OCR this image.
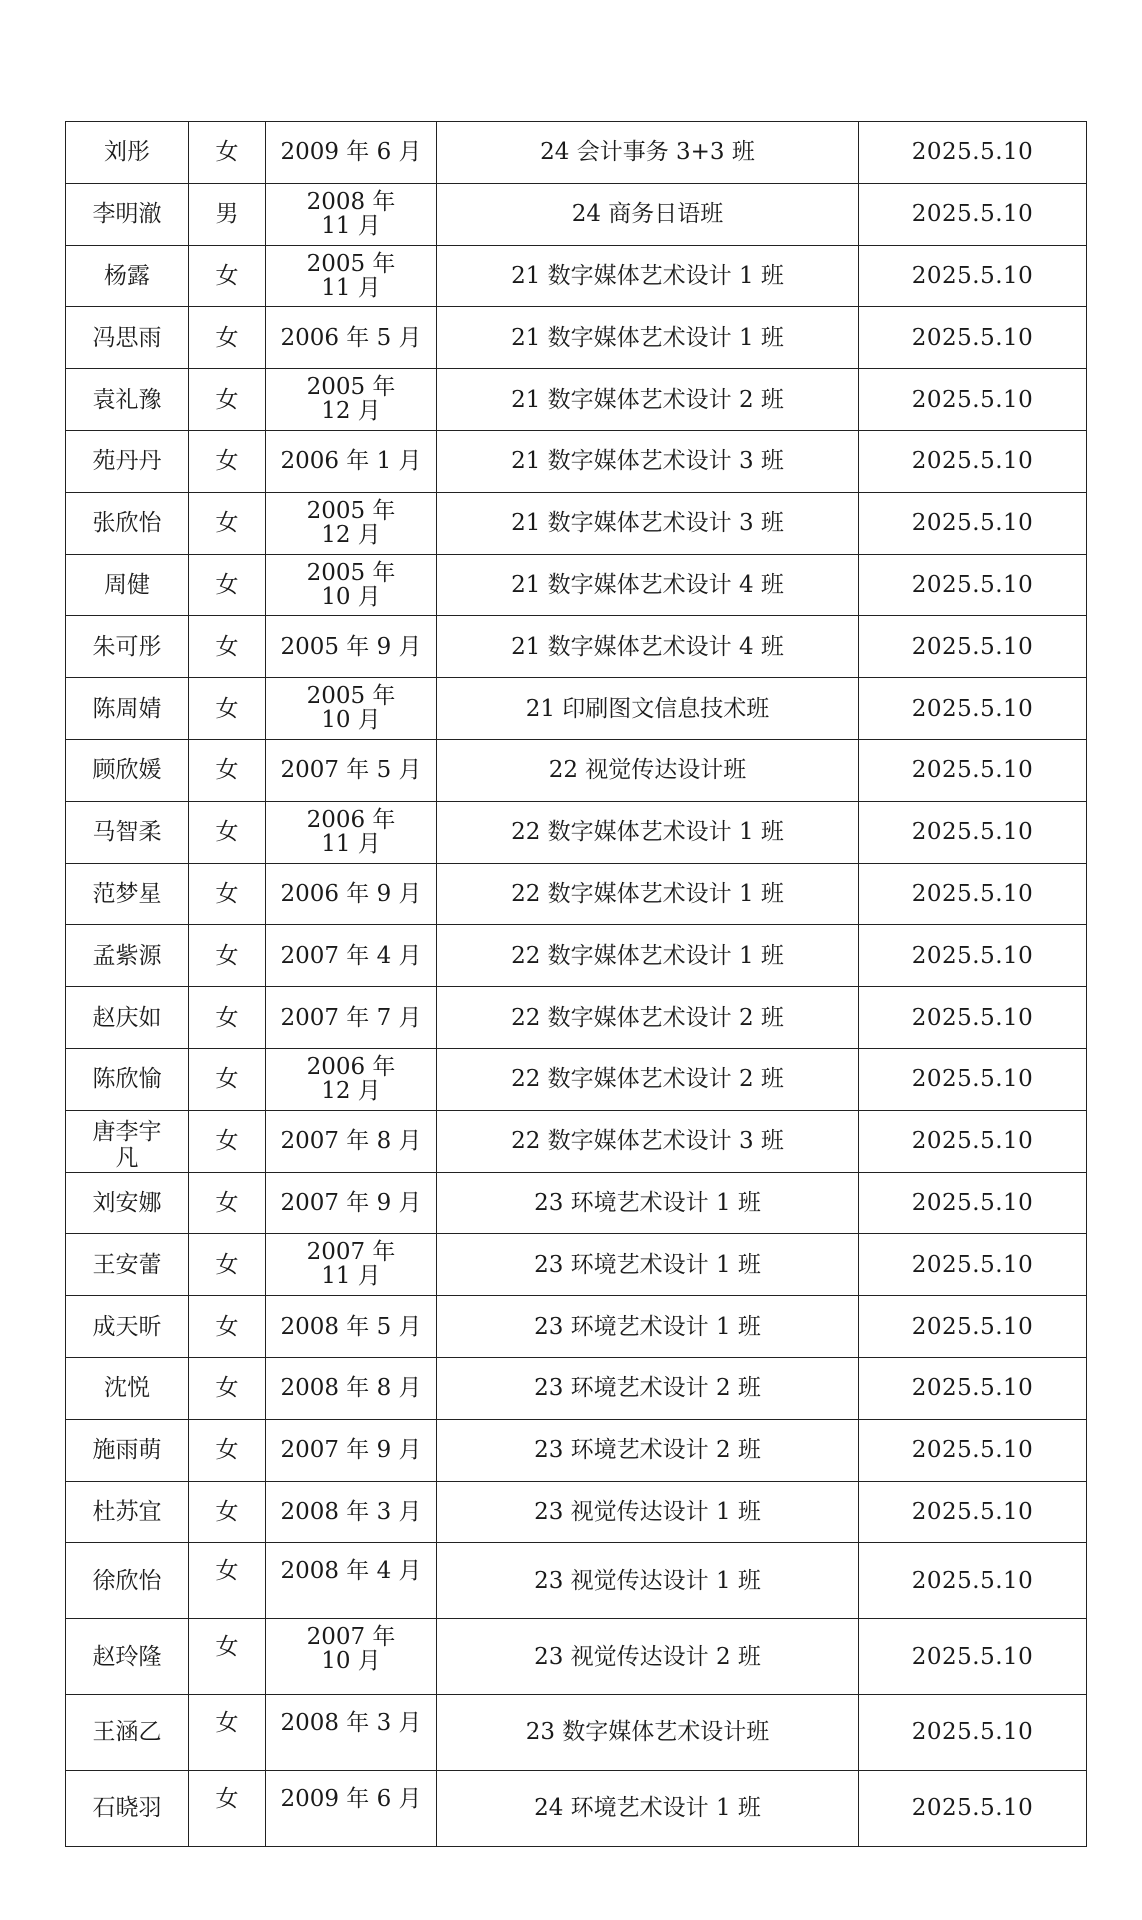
刘彤	女	2009 年 6 月	24 会计事务 3+3 班	2025.5.10
李明澈	男	2008 年 11 月	24 商务日语班	2025.5.10
杨露	女	2005 年 11 月	21 数字媒体艺术设计 1 班	2025.5.10
冯思雨	女	2006 年 5 月	21 数字媒体艺术设计 1 班	2025.5.10
袁礼豫	女	2005 年 12 月	21 数字媒体艺术设计 2 班	2025.5.10
苑丹丹	女	2006 年 1 月	21 数字媒体艺术设计 3 班	2025.5.10
张欣怡	女	2005 年 12 月	21 数字媒体艺术设计 3 班	2025.5.10
周健	女	2005 年 10 月	21 数字媒体艺术设计 4 班	2025.5.10
朱可彤	女	2005 年 9 月	21 数字媒体艺术设计 4 班	2025.5.10
陈周婧	女	2005 年 10 月	21 印刷图文信息技术班	2025.5.10
顾欣媛	女	2007 年 5 月	22 视觉传达设计班	2025.5.10
马智柔	女	2006 年 11 月	22 数字媒体艺术设计 1 班	2025.5.10
范梦星	女	2006 年 9 月	22 数字媒体艺术设计 1 班	2025.5.10
孟紫源	女	2007 年 4 月	22 数字媒体艺术设计 1 班	2025.5.10
赵庆如	女	2007 年 7 月	22 数字媒体艺术设计 2 班	2025.5.10
陈欣愉	女	2006 年 12 月	22 数字媒体艺术设计 2 班	2025.5.10
唐李宇凡	女	2007 年 8 月	22 数字媒体艺术设计 3 班	2025.5.10
刘安娜	女	2007 年 9 月	23 环境艺术设计 1 班	2025.5.10
王安蕾	女	2007 年 11 月	23 环境艺术设计 1 班	2025.5.10
成天昕	女	2008 年 5 月	23 环境艺术设计 1 班	2025.5.10
沈悦	女	2008 年 8 月	23 环境艺术设计 2 班	2025.5.10
施雨萌	女	2007 年 9 月	23 环境艺术设计 2 班	2025.5.10
杜苏宜	女	2008 年 3 月	23 视觉传达设计 1 班	2025.5.10
徐欣怡	女	2008 年 4 月	23 视觉传达设计 1 班	2025.5.10
赵玲隆	女	2007 年 10 月	23 视觉传达设计 2 班	2025.5.10
王涵乙	女	2008 年 3 月	23 数字媒体艺术设计班	2025.5.10
石晓羽	女	2009 年 6 月	24 环境艺术设计 1 班	2025.5.10
